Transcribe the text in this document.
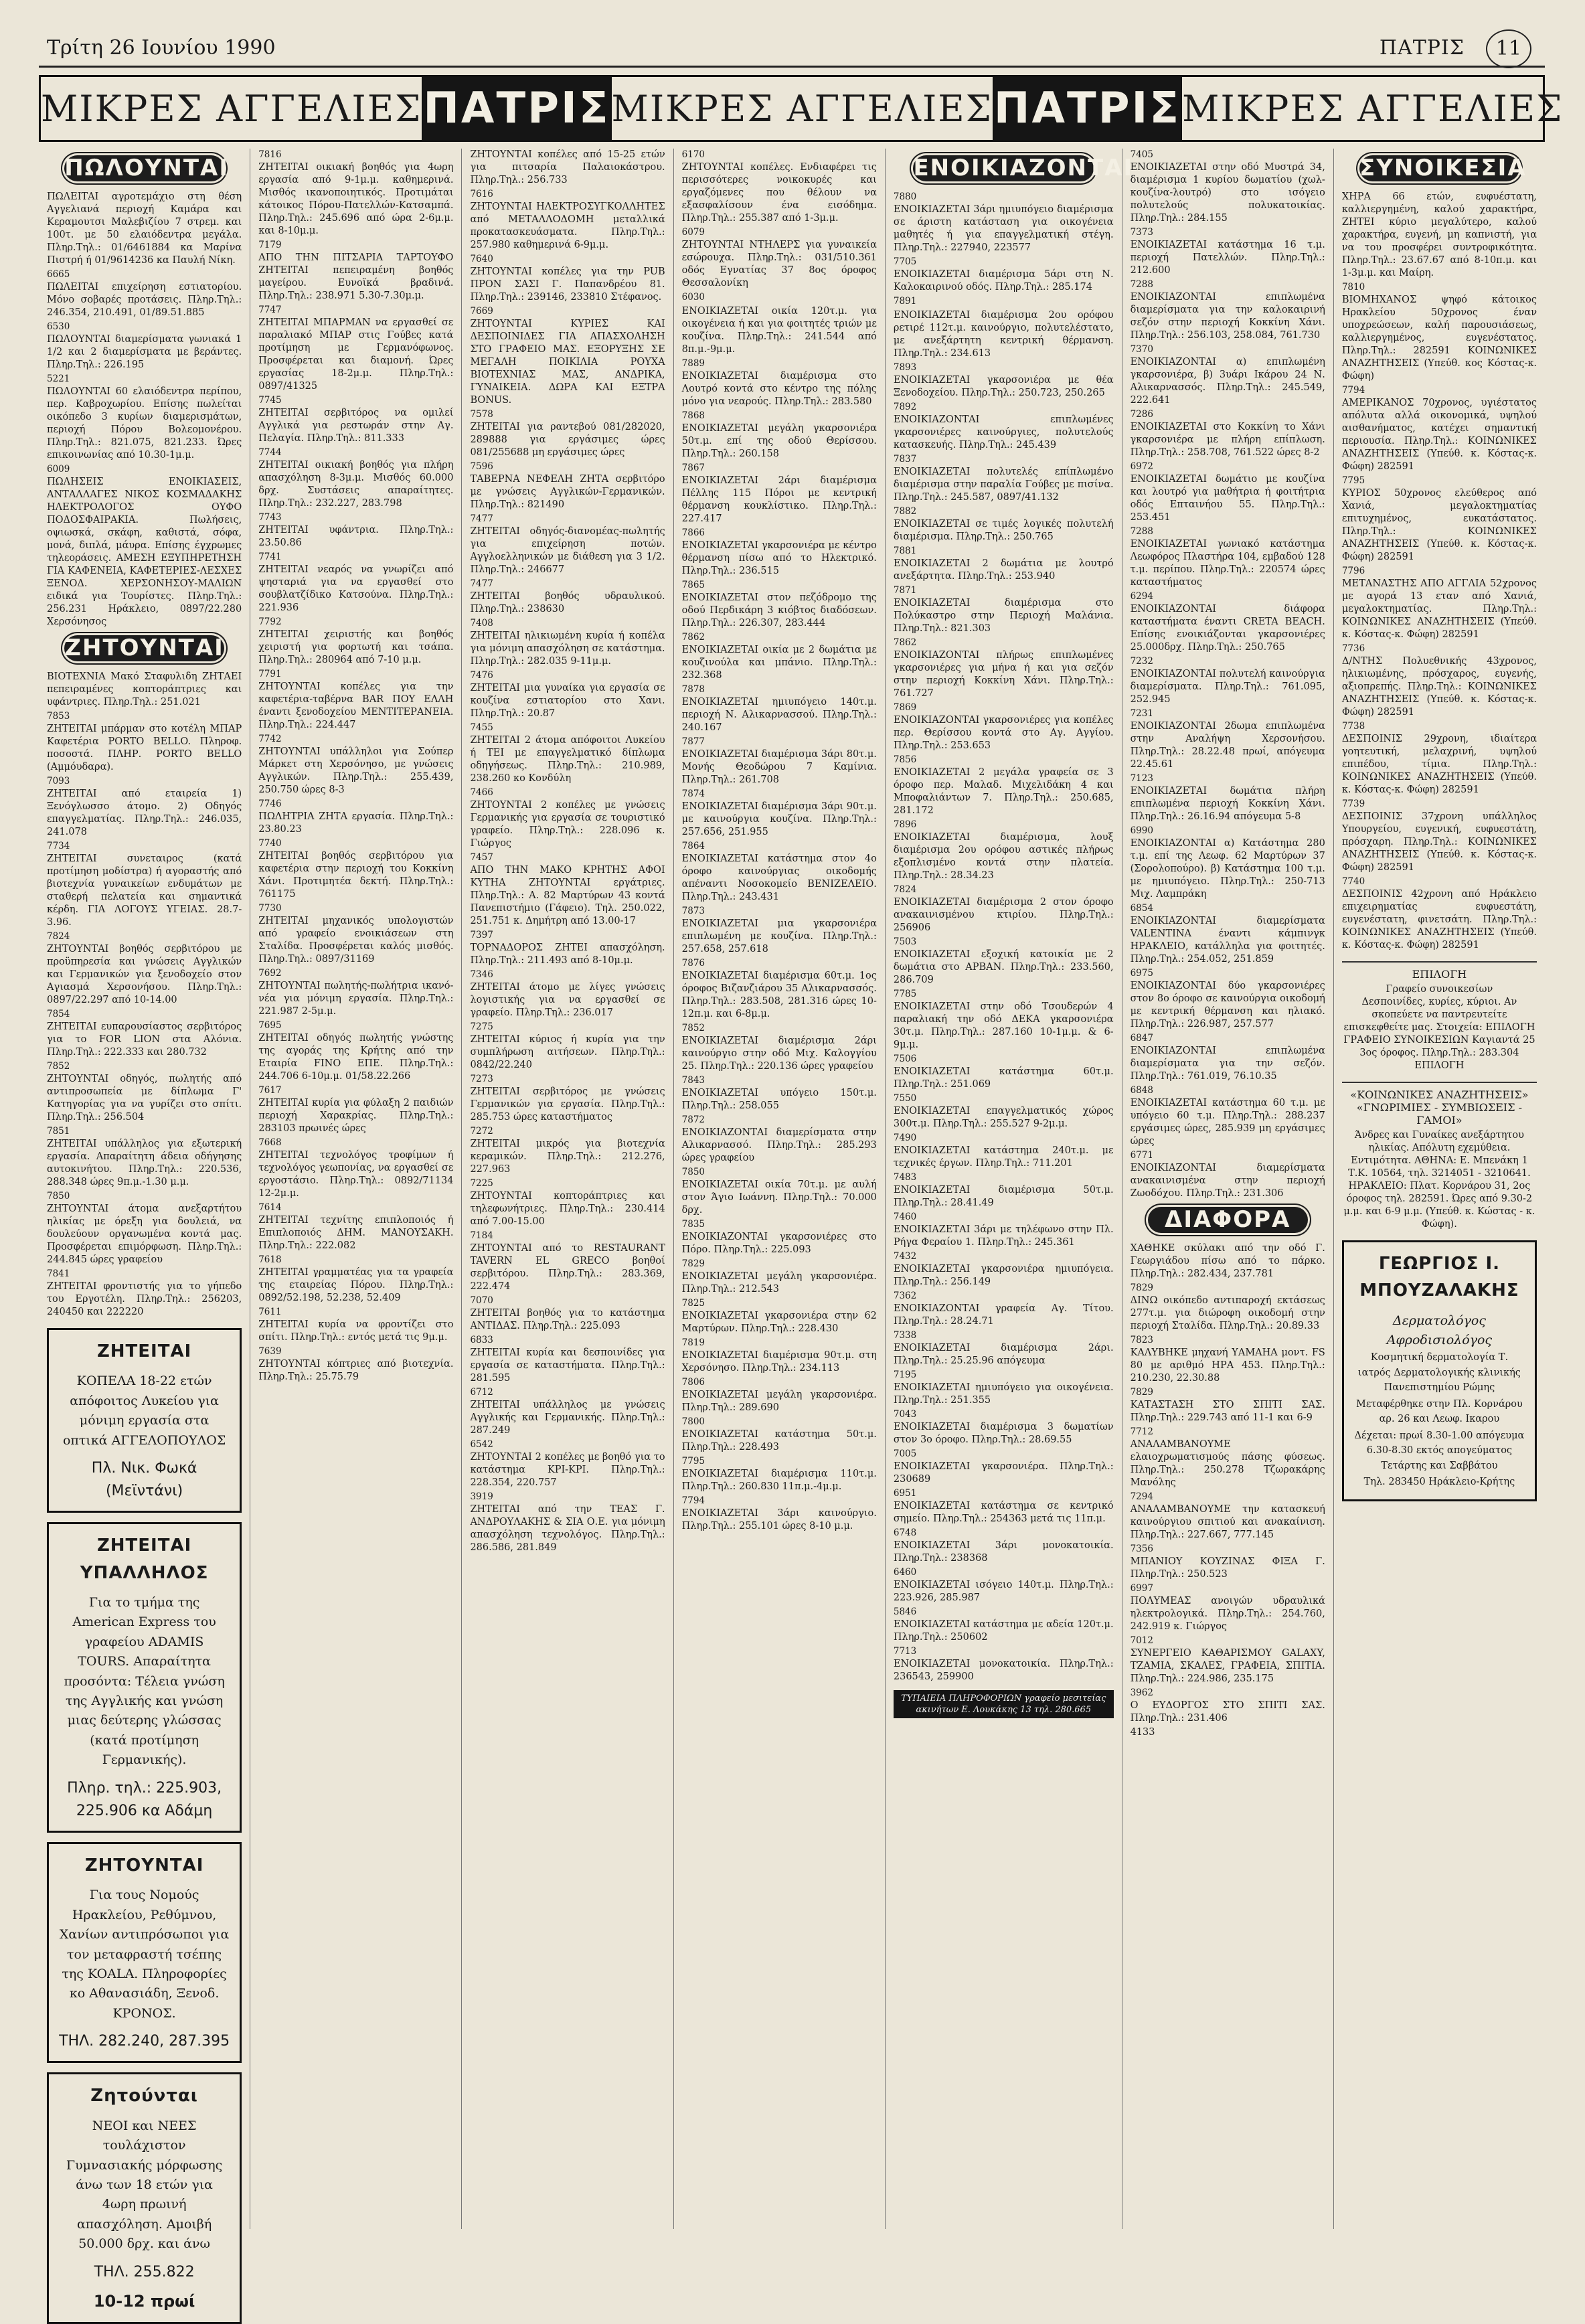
Τρίτη 26 Ιουνίου 1990	ΠΑΤΡΙΣ	11
ΜΙΚΡΕΣ ΑΓΓΕΛΙΕΣ ΠΑΤΡΙΣ ΜΙΚΡΕΣ ΑΓΓΕΛΙΕΣ ΠΑΤΡΙΣ ΜΙΚΡΕΣ ΑΓΓΕΛΙΕΣ
ΠΩΛΟΥΝΤΑΙ
ΠΩΛΕΙΤΑΙ αγροτεμάχιο στη θέση Αγγελιανά περιοχή Καμάρα και Κεραμουτσι Μαλεβιζίου 7 στρεμ. και 100τ. με 50 ελαιόδεντρα μεγάλα. Πληρ.Τηλ.: 01/6461884 κα Μαρίνα Πιστρή ή 01/9614236 κα Παυλή Νίκη.
6665
ΠΩΛΕΙΤΑΙ επιχείρηση εστιατορίου. Μόνο σοβαρές προτάσεις. Πληρ.Τηλ.: 246.354, 210.491, 01/89.51.885
6530
ΠΩΛΟΥΝΤΑΙ διαμερίσματα γωνιακά 1 1/2 και 2 διαμερίσματα με βεράντες. Πληρ.Τηλ.: 226.195
5221
ΠΩΛΟΥΝΤΑΙ 60 ελαιόδεντρα περίπου, περ. Καβροχωρίου. Επίσης πωλείται οικόπεδο 3 κυρίων διαμερισμάτων, περιοχή Πόρου Βολεομονέρου. Πληρ.Τηλ.: 821.075, 821.233. Ώρες επικοινωνίας από 10.30-1μ.μ.
6009
ΠΩΛΗΣΕΙΣ ΕΝΟΙΚΙΑΣΕΙΣ, ΑΝΤΑΛΛΑΓΕΣ ΝΙΚΟΣ ΚΟΣΜΑΔΑΚΗΣ ΗΛΕΚΤΡΟΛΟΓΟΣ ΟΥΦΟ ΠΟΔΟΣΦΑΙΡΑΚΙΑ. Πωλήσεις, οψιωσκά, σκάφη, καθιστά, σόφα, μονά, διπλά, μάυρα. Επίσης έγχρωμες τηλεοράσεις. ΑΜΕΣΗ ΕΞΥΠΗΡΕΤΗΣΗ ΓΙΑ ΚΑΦΕΝΕΙΑ, ΚΑΦΕΤΕΡΙΕΣ-ΛΕΣΧΕΣ ΞΕΝΟΔ. ΧΕΡΣΟΝΗΣΟΥ-ΜΑΛΙΩΝ ειδικά για Τουρίστες. Πληρ.Τηλ.: 256.231 Ηράκλειο, 0897/22.280 Χερσόνησος
ΖΗΤΟΥΝΤΑΙ
ΒΙΟΤΕΧΝΙΑ Μακό Σταφυλιδη ΖΗΤΑΕΙ πεπειραμένες κοπτοράπτριες και υφάντριες. Πληρ.Τηλ.: 251.021
7853
ΖΗΤΕΙΤΑΙ μπάρμαν στο κοτέλη ΜΠΑΡ Καφετέρια PORTO BELLO. Πληροφ. ποσοστά. ΠΛΗΡ. PORTO BELLO (Αμμόυδαρα).
7093
ΖΗΤΕΙΤΑΙ από εταιρεία 1) Ξενόγλωσσο άτομο. 2) Οδηγός επαγγελματίας. Πληρ.Τηλ.: 246.035, 241.078
7734
ΖΗΤΕΙΤΑΙ συνεταιρος (κατά προτίμηση μοδίστρα) ή αγοραστής από βιοτεχνία γυναικείων ενδυμάτων με σταθερή πελατεία και σημαντικά κέρδη. ΓΙΑ ΛΟΓΟΥΣ ΥΓΕΙΑΣ. 28.7-3.96.
7824
ΖΗΤΟΥΝΤΑΙ βοηθός σερβιτόρου με προϋπηρεσία και γνώσεις Αγγλικών και Γερμανικών για ξενοδοχείο στον Αγιασμά Χερσονήσου. Πληρ.Τηλ.: 0897/22.297 από 10-14.00
7854
ΖΗΤΕΙΤΑΙ ευπαρουσίαστος σερβιτόρος για το FOR LION στα Αλόνια. Πληρ.Τηλ.: 222.333 και 280.732
7852
ΖΗΤΟΥΝΤΑΙ οδηγός, πωλητής από αντιπροσωπεία με δίπλωμα Γ' Κατηγορίας για να γυρίζει στο σπίτι. Πληρ.Τηλ.: 256.504
7851
ΖΗΤΕΙΤΑΙ υπάλληλος για εξωτερική εργασία. Απαραίτητη άδεια οδήγησης αυτοκινήτου. Πληρ.Τηλ.: 220.536, 288.348 ώρες 9π.μ.-1.30 μ.μ.
7850
ΖΗΤΟΥΝΤΑΙ άτομα ανεξαρτήτου ηλικίας με όρεξη για δουλειά, να δουλεύουν οργανωμένα κοντά μας. Προσφέρεται επιμόρφωση. Πληρ.Τηλ.: 244.845 ώρες γραφείου
7841
ΖΗΤΕΙΤΑΙ φροντιστής για το γήπεδο του Εργοτέλη. Πληρ.Τηλ.: 256203, 240450 και 222220
ΖΗΤΕΙΤΑΙ
ΚΟΠΕΛΑ 18-22 ετών απόφοιτος Λυκείου για μόνιμη εργασία στα οπτικά ΑΓΓΕΛΟΠΟΥΛΟΣ
Πλ. Νικ. Φωκά (Μεϊντάνι)
ΖΗΤΕΙΤΑΙ ΥΠΑΛΛΗΛΟΣ
Για το τμήμα της American Express του γραφείου ADAMIS TOURS. Απαραίτητα προσόντα: Τέλεια γνώση της Αγγλικής και γνώση μιας δεύτερης γλώσσας (κατά προτίμηση Γερμανικής).
Πληρ. τηλ.: 225.903, 225.906 κα Αδάμη
ΖΗΤΟΥΝΤΑΙ
Για τους Νομούς Ηρακλείου, Ρεθύμνου, Χανίων αντιπρόσωποι για τον μεταφραστή τσέπης της KOALA. Πληροφορίες κο Αθανασιάδη, Ξενοδ. ΚΡΟΝΟΣ.
ΤΗΛ. 282.240, 287.395
Ζητούνται
ΝΕΟΙ και ΝΕΕΣ τουλάχιστον Γυμνασιακής μόρφωσης άνω των 18 ετών για 4ωρη πρωινή απασχόληση. Αμοιβή 50.000 δρχ. και άνω
ΤΗΛ. 255.822
10-12 πρωί
7816
ΖΗΤΕΙΤΑΙ οικιακή βοηθός για 4ωρη εργασία από 9-1μ.μ. καθημερινά. Μισθός ικανοποιητικός. Προτιμάται κάτοικος Πόρου-Πατελλών-Κατσαμπά. Πληρ.Τηλ.: 245.696 από ώρα 2-6μ.μ. και 8-10μ.μ.
7179
ΑΠΟ ΤΗΝ ΠΙΤΣΑΡΙΑ ΤΑΡΤΟΥΦΟ ΖΗΤΕΙΤΑΙ πεπειραμένη βοηθός μαγείρου. Ευνοϊκά βραδινά. Πληρ.Τηλ.: 238.971 5.30-7.30μ.μ.
7747
ΖΗΤΕΙΤΑΙ ΜΠΑΡΜΑΝ να εργασθεί σε παραλιακό ΜΠΑΡ στις Γούβες κατά προτίμηση με Γερμανόφωνος. Προσφέρεται και διαμονή. Ώρες εργασίας 18-2μ.μ. Πληρ.Τηλ.: 0897/41325
7745
ΖΗΤΕΙΤΑΙ σερβιτόρος να ομιλεί Αγγλικά για ρεστωράν στην Αγ. Πελαγία. Πληρ.Τηλ.: 811.333
7744
ΖΗΤΕΙΤΑΙ οικιακή βοηθός για πλήρη απασχόληση 8-3μ.μ. Μισθός 60.000 δρχ. Συστάσεις απαραίτητες. Πληρ.Τηλ.: 232.227, 283.798
7743
ΖΗΤΕΙΤΑΙ υφάντρια. Πληρ.Τηλ.: 23.50.86
7741
ΖΗΤΕΙΤΑΙ νεαρός να γνωρίζει από ψησταριά για να εργασθεί στο σουβλατζίδικο Κατσούνα. Πληρ.Τηλ.: 221.936
7792
ΖΗΤΕΙΤΑΙ χειριστής και βοηθός χειριστή για φορτωτή και τσάπα. Πληρ.Τηλ.: 280964 από 7-10 μ.μ.
7791
ΖΗΤΟΥΝΤΑΙ κοπέλες για την καφετέρια-ταβέρνα BAR ΠΟΥ ΕΛΛΗ έναντι ξενοδοχείου ΜΕΝΤΙΤΕΡΑΝΕΙΑ. Πληρ.Τηλ.: 224.447
7742
ΖΗΤΟΥΝΤΑΙ υπάλληλοι για Σούπερ Μάρκετ στη Χερσόνησο, με γνώσεις Αγγλικών. Πληρ.Τηλ.: 255.439, 250.750 ώρες 8-3
7746
ΠΩΛΗΤΡΙΑ ΖΗΤΑ εργασία. Πληρ.Τηλ.: 23.80.23
7740
ΖΗΤΕΙΤΑΙ βοηθός σερβιτόρου για καφετέρια στην περιοχή του Κοκκίνη Χάνι. Προτιμητέα δεκτή. Πληρ.Τηλ.: 761175
7730
ΖΗΤΕΙΤΑΙ μηχανικός υπολογιστών από γραφείο ενοικιάσεων στη Σταλίδα. Προσφέρεται καλός μισθός. Πληρ.Τηλ.: 0897/31169
7692
ΖΗΤΟΥΝΤΑΙ πωλητής-πωλήτρια ικανό-νέα για μόνιμη εργασία. Πληρ.Τηλ.: 221.987 2-5μ.μ.
7695
ΖΗΤΕΙΤΑΙ οδηγός πωλητής γνώστης της αγοράς της Κρήτης από την Εταιρία FINO ΕΠΕ. Πληρ.Τηλ.: 244.706 6-10μ.μ. 01/58.22.266
7617
ΖΗΤΕΙΤΑΙ κυρία για φύλαξη 2 παιδιών περιοχή Χαρακρίας. Πληρ.Τηλ.: 283103 πρωινές ώρες
7668
ΖΗΤΕΙΤΑΙ τεχνολόγος τροφίμων ή τεχνολόγος γεωπονίας, να εργασθεί σε εργοστάσιο. Πληρ.Τηλ.: 0892/71134 12-2μ.μ.
7614
ΖΗΤΕΙΤΑΙ τεχνίτης επιπλοποιός ή Επιπλοποιός ΔΗΜ. ΜΑΝΟΥΣΑΚΗ. Πληρ.Τηλ.: 222.082
7618
ΖΗΤΕΙΤΑΙ γραμματέας για τα γραφεία της εταιρείας Πόρου. Πληρ.Τηλ.: 0892/52.198, 52.238, 52.409
7611
ΖΗΤΕΙΤΑΙ κυρία να φροντίζει στο σπίτι. Πληρ.Τηλ.: εντός μετά τις 9μ.μ.
7639
ΖΗΤΟΥΝΤΑΙ κόπτριες από βιοτεχνία. Πληρ.Τηλ.: 25.75.79
ΖΗΤΟΥΝΤΑΙ κοπέλες από 15-25 ετών για πιτσαρία Παλαιοκάστρου. Πληρ.Τηλ.: 256.733
7616
ΖΗΤΟΥΝΤΑΙ ΗΛΕΚΤΡΟΣΥΓΚΟΛΛΗΤΕΣ από ΜΕΤΑΛΛΟΔΟΜΗ μεταλλικά προκατασκευάσματα. Πληρ.Τηλ.: 257.980 καθημερινά 6-9μ.μ.
7640
ΖΗΤΟΥΝΤΑΙ κοπέλες για την PUB ΠΡΟΝ ΣΑΣΙ Γ. Παπανδρέου 81. Πληρ.Τηλ.: 239146, 233810 Στέφανος.
7669
ΖΗΤΟΥΝΤΑΙ ΚΥΡΙΕΣ ΚΑΙ ΔΕΣΠΟΙΝΙΔΕΣ ΓΙΑ ΑΠΑΣΧΟΛΗΣΗ ΣΤΟ ΓΡΑΦΕΙΟ ΜΑΣ. ΕΞΟΡΥΞΗΣ ΣΕ ΜΕΓΑΛΗ ΠΟΙΚΙΛΙΑ ΡΟΥΧΑ ΒΙΟΤΕΧΝΙΑΣ ΜΑΣ, ΑΝΔΡΙΚΑ, ΓΥΝΑΙΚΕΙΑ. ΔΩΡΑ ΚΑΙ ΕΞΤΡΑ BONUS.
7578
ΖΗΤΕΙΤΑΙ για ραντεβού 081/282020, 289888 για εργάσιμες ώρες 081/255688 μη εργάσιμες ώρες
7596
ΤΑΒΕΡΝΑ ΝΕΦΕΛΗ ΖΗΤΑ σερβιτόρο με γνώσεις Αγγλικών-Γερμανικών. Πληρ.Τηλ.: 821490
7477
ΖΗΤΕΙΤΑΙ οδηγός-διανομέας-πωλητής για επιχείρηση ποτών. Αγγλοελληνικών με διάθεση για 3 1/2. Πληρ.Τηλ.: 246677
7477
ΖΗΤΕΙΤΑΙ βοηθός υδραυλικού. Πληρ.Τηλ.: 238630
7408
ΖΗΤΕΙΤΑΙ ηλικιωμένη κυρία ή κοπέλα για μόνιμη απασχόληση σε κατάστημα. Πληρ.Τηλ.: 282.035 9-11μ.μ.
7476
ΖΗΤΕΙΤΑΙ μια γυναίκα για εργασία σε κουζίνα εστιατορίου στο Χανι. Πληρ.Τηλ.: 20.87
7455
ΖΗΤΕΙΤΑΙ 2 άτομα απόφοιτοι Λυκείου ή ΤΕΙ με επαγγελματικό δίπλωμα οδηγήσεως. Πληρ.Τηλ.: 210.989, 238.260 κο Κονδύλη
7466
ΖΗΤΟΥΝΤΑΙ 2 κοπέλες με γνώσεις Γερμανικής για εργασία σε τουριστικό γραφείο. Πληρ.Τηλ.: 228.096 κ. Γιώργος
7457
ΑΠΟ ΤΗΝ ΜΑΚΟ ΚΡΗΤΗΣ ΑΦΟΙ ΚΥΤΗΑ ΖΗΤΟΥΝΤΑΙ εργάτριες. Πληρ.Τηλ.: Α. 82 Μαρτύρων 43 κοντά Πανεπιστήμιο (Γάφειο). Τηλ. 250.022, 251.751 κ. Δημήτρη από 13.00-17
7397
ΤΟΡΝΑΔΟΡΟΣ ΖΗΤΕΙ απασχόληση. Πληρ.Τηλ.: 211.493 από 8-10μ.μ.
7346
ΖΗΤΕΙΤΑΙ άτομο με λίγες γνώσεις λογιστικής για να εργασθεί σε γραφείο. Πληρ.Τηλ.: 236.017
7275
ΖΗΤΕΙΤΑΙ κύριος ή κυρία για την συμπλήρωση αιτήσεων. Πληρ.Τηλ.: 0842/22.240
7273
ΖΗΤΕΙΤΑΙ σερβιτόρος με γνώσεις Γερμανικών για εργασία. Πληρ.Τηλ.: 285.753 ώρες καταστήματος
7272
ΖΗΤΕΙΤΑΙ μικρός για βιοτεχνία κεραμικών. Πληρ.Τηλ.: 212.276, 227.963
7225
ΖΗΤΟΥΝΤΑΙ κοπτοράπτριες και τηλεφωνήτριες. Πληρ.Τηλ.: 230.414 από 7.00-15.00
7184
ΖΗΤΟΥΝΤΑΙ από το RESTAURANT TAVERN EL GRECO βοηθοί σερβιτόρου. Πληρ.Τηλ.: 283.369, 222.474
7070
ΖΗΤΕΙΤΑΙ βοηθός για το κατάστημα ΑΝΤΙΔΑΣ. Πληρ.Τηλ.: 225.093
6833
ΖΗΤΕΙΤΑΙ κυρία και δεσποινίδες για εργασία σε καταστήματα. Πληρ.Τηλ.: 281.595
6712
ΖΗΤΕΙΤΑΙ υπάλληλος με γνώσεις Αγγλικής και Γερμανικής. Πληρ.Τηλ.: 287.249
6542
ΖΗΤΟΥΝΤΑΙ 2 κοπέλες με βοηθό για το κατάστημα ΚΡΙ-ΚΡΙ. Πληρ.Τηλ.: 228.354, 220.757
3919
ΖΗΤΕΙΤΑΙ από την ΤΕΑΣ Γ. ΑΝΔΡΟΥΛΑΚΗΣ & ΣΙΑ Ο.Ε. για μόνιμη απασχόληση τεχνολόγος. Πληρ.Τηλ.: 286.586, 281.849
6170
ΖΗΤΟΥΝΤΑΙ κοπέλες. Ενδιαφέρει τις περισσότερες νοικοκυρές και εργαζόμενες που θέλουν να εξασφαλίσουν ένα εισόδημα. Πληρ.Τηλ.: 255.387 από 1-3μ.μ.
6079
ΖΗΤΟΥΝΤΑΙ ΝΤΗΛΕΡΣ για γυναικεία εσώρουχα. Πληρ.Τηλ.: 031/510.361 οδός Εγνατίας 37 8ος όροφος Θεσσαλονίκη
6030
ΕΝΟΙΚΙΑΖΕΤΑΙ οικία 120τ.μ. για οικογένεια ή και για φοιτητές τριών με κουζίνα. Πληρ.Τηλ.: 241.544 από 8π.μ.-9μ.μ.
7889
ΕΝΟΙΚΙΑΖΕΤΑΙ διαμέρισμα στο Λουτρό κοντά στο κέντρο της πόλης μόνο για νεαρούς. Πληρ.Τηλ.: 283.580
7868
ΕΝΟΙΚΙΑΖΕΤΑΙ μεγάλη γκαρσονιέρα 50τ.μ. επί της οδού Θερίσσου. Πληρ.Τηλ.: 260.158
7867
ΕΝΟΙΚΙΑΖΕΤΑΙ 2άρι διαμέρισμα Πέλλης 115 Πόροι με κεντρική θέρμανση κουκλίστικο. Πληρ.Τηλ.: 227.417
7866
ΕΝΟΙΚΙΑΖΕΤΑΙ γκαρσονιέρα με κέντρο θέρμανση πίσω από το Ηλεκτρικό. Πληρ.Τηλ.: 236.515
7865
ΕΝΟΙΚΙΑΖΕΤΑΙ στον πεζόδρομο της οδού Περδικάρη 3 κιόβτος διαδόσεων. Πληρ.Τηλ.: 226.307, 283.444
7862
ΕΝΟΙΚΙΑΖΕΤΑΙ οικία με 2 δωμάτια με κουζινούλα και μπάνιο. Πληρ.Τηλ.: 232.368
7878
ΕΝΟΙΚΙΑΖΕΤΑΙ ημιυπόγειο 140τ.μ. περιοχή Ν. Αλικαρνασσού. Πληρ.Τηλ.: 240.167
7877
ΕΝΟΙΚΙΑΖΕΤΑΙ διαμέρισμα 3άρι 80τ.μ. Μονής Θεοδώρου 7 Καμίνια. Πληρ.Τηλ.: 261.708
7874
ΕΝΟΙΚΙΑΖΕΤΑΙ διαμέρισμα 3άρι 90τ.μ. με καινούργια κουζίνα. Πληρ.Τηλ.: 257.656, 251.955
7864
ΕΝΟΙΚΙΑΖΕΤΑΙ κατάστημα στον 4ο όροφο καινούργιας οικοδομής απέναντι Νοσοκομείο ΒΕΝΙΖΕΛΕΙΟ. Πληρ.Τηλ.: 243.431
7873
ΕΝΟΙΚΙΑΖΕΤΑΙ μια γκαρσονιέρα επιπλωμένη με κουζίνα. Πληρ.Τηλ.: 257.658, 257.618
7876
ΕΝΟΙΚΙΑΖΕΤΑΙ διαμέρισμα 60τ.μ. 1ος όροφος Βιζανζιάρου 35 Αλικαρνασσός. Πληρ.Τηλ.: 283.508, 281.316 ώρες 10-12π.μ. και 6-8μ.μ.
7852
ΕΝΟΙΚΙΑΖΕΤΑΙ διαμέρισμα 2άρι καινούργιο στην οδό Μιχ. Καλογγίου 25. Πληρ.Τηλ.: 220.136 ώρες γραφείου
7843
ΕΝΟΙΚΙΑΖΕΤΑΙ υπόγειο 150τ.μ. Πληρ.Τηλ.: 258.055
7872
ΕΝΟΙΚΙΑΖΟΝΤΑΙ διαμερίσματα στην Αλικαρνασσό. Πληρ.Τηλ.: 285.293 ώρες γραφείου
7850
ΕΝΟΙΚΙΑΖΕΤΑΙ οικία 70τ.μ. με αυλή στον Άγιο Ιωάννη. Πληρ.Τηλ.: 70.000 δρχ.
7835
ΕΝΟΙΚΙΑΖΟΝΤΑΙ γκαρσονιέρες στο Πόρο. Πληρ.Τηλ.: 225.093
7829
ΕΝΟΙΚΙΑΖΕΤΑΙ μεγάλη γκαρσονιέρα. Πληρ.Τηλ.: 212.543
7825
ΕΝΟΙΚΙΑΖΕΤΑΙ γκαρσονιέρα στην 62 Μαρτύρων. Πληρ.Τηλ.: 228.430
7819
ΕΝΟΙΚΙΑΖΕΤΑΙ διαμέρισμα 90τ.μ. στη Χερσόνησο. Πληρ.Τηλ.: 234.113
7806
ΕΝΟΙΚΙΑΖΕΤΑΙ μεγάλη γκαρσονιέρα. Πληρ.Τηλ.: 289.690
7800
ΕΝΟΙΚΙΑΖΕΤΑΙ κατάστημα 50τ.μ. Πληρ.Τηλ.: 228.493
7795
ΕΝΟΙΚΙΑΖΕΤΑΙ διαμέρισμα 110τ.μ. Πληρ.Τηλ.: 260.830 11π.μ.-4μ.μ.
7794
ΕΝΟΙΚΙΑΖΕΤΑΙ 3άρι καινούργιο. Πληρ.Τηλ.: 255.101 ώρες 8-10 μ.μ.
ΕΝΟΙΚΙΑΖΟΝΤΑΙ
7880
ΕΝΟΙΚΙΑΖΕΤΑΙ 3άρι ημιυπόγειο διαμέρισμα σε άριστη κατάσταση για οικογένεια μαθητές ή για επαγγελματική στέγη. Πληρ.Τηλ.: 227940, 223577
7705
ΕΝΟΙΚΙΑΖΕΤΑΙ διαμέρισμα 5άρι στη Ν. Καλοκαιρινού οδός. Πληρ.Τηλ.: 285.174
7891
ΕΝΟΙΚΙΑΖΕΤΑΙ διαμέρισμα 2ου ορόφου ρετιρέ 112τ.μ. καινούργιο, πολυτελέστατο, με ανεξάρτητη κεντρική θέρμανση. Πληρ.Τηλ.: 234.613
7893
ΕΝΟΙΚΙΑΖΕΤΑΙ γκαρσονιέρα με θέα Ξενοδοχείου. Πληρ.Τηλ.: 250.723, 250.265
7892
ΕΝΟΙΚΙΑΖΟΝΤΑΙ επιπλωμένες γκαρσονιέρες καινούργιες, πολυτελούς κατασκευής. Πληρ.Τηλ.: 245.439
7837
ΕΝΟΙΚΙΑΖΕΤΑΙ πολυτελές επίπλωμένο διαμέρισμα στην παραλία Γούβες με πισίνα. Πληρ.Τηλ.: 245.587, 0897/41.132
7882
ΕΝΟΙΚΙΑΖΕΤΑΙ σε τιμές λογικές πολυτελή διαμέρισμα. Πληρ.Τηλ.: 250.765
7881
ΕΝΟΙΚΙΑΖΕΤΑΙ 2 δωμάτια με λουτρό ανεξάρτητα. Πληρ.Τηλ.: 253.940
7871
ΕΝΟΙΚΙΑΖΕΤΑΙ διαμέρισμα στο Πολύκαστρο στην Περιοχή Μαλάνια. Πληρ.Τηλ.: 821.303
7862
ΕΝΟΙΚΙΑΖΟΝΤΑΙ πλήρως επιπλωμένες γκαρσονιέρες για μήνα ή και για σεζόν στην περιοχή Κοκκίνη Χάνι. Πληρ.Τηλ.: 761.727
7869
ΕΝΟΙΚΙΑΖΟΝΤΑΙ γκαρσονιέρες για κοπέλες περ. Θερίσσου κοντά στο Αγ. Αγγίου. Πληρ.Τηλ.: 253.653
7856
ΕΝΟΙΚΙΑΖΕΤΑΙ 2 μεγάλα γραφεία σε 3 όροφο περ. Μαλαδ. Μιχελιδάκη 4 και Μποφαλιάντων 7. Πληρ.Τηλ.: 250.685, 281.172
7896
ΕΝΟΙΚΙΑΖΕΤΑΙ διαμέρισμα, λουξ διαμέρισμα 2ου ορόφου αστικές πλήρως εξοπλισμένο κοντά στην πλατεία. Πληρ.Τηλ.: 28.34.23
7824
ΕΝΟΙΚΙΑΖΕΤΑΙ διαμέρισμα 2 στον όροφο ανακαινισμένου κτιρίου. Πληρ.Τηλ.: 256906
7503
ΕΝΟΙΚΙΑΖΕΤΑΙ εξοχική κατοικία με 2 δωμάτια στο ΑΡΒΑΝ. Πληρ.Τηλ.: 233.560, 286.709
7785
ΕΝΟΙΚΙΑΖΕΤΑΙ στην οδό Τσουδερών 4 παραλιακή την οδό ΔΕΚΑ γκαρσονιέρα 30τ.μ. Πληρ.Τηλ.: 287.160 10-1μ.μ. & 6-9μ.μ.
7506
ΕΝΟΙΚΙΑΖΕΤΑΙ κατάστημα 60τ.μ. Πληρ.Τηλ.: 251.069
7550
ΕΝΟΙΚΙΑΖΕΤΑΙ επαγγελματικός χώρος 300τ.μ. Πληρ.Τηλ.: 255.527 9-2μ.μ.
7490
ΕΝΟΙΚΙΑΖΕΤΑΙ κατάστημα 240τ.μ. με τεχνικές έργων. Πληρ.Τηλ.: 711.201
7483
ΕΝΟΙΚΙΑΖΕΤΑΙ διαμέρισμα 50τ.μ. Πληρ.Τηλ.: 28.41.49
7460
ΕΝΟΙΚΙΑΖΕΤΑΙ 3άρι με τηλέφωνο στην Πλ. Ρήγα Φεραίου 1. Πληρ.Τηλ.: 245.361
7432
ΕΝΟΙΚΙΑΖΕΤΑΙ γκαρσονιέρα ημιυπόγεια. Πληρ.Τηλ.: 256.149
7362
ΕΝΟΙΚΙΑΖΟΝΤΑΙ γραφεία Αγ. Τίτου. Πληρ.Τηλ.: 28.24.71
7338
ΕΝΟΙΚΙΑΖΕΤΑΙ διαμέρισμα 2άρι. Πληρ.Τηλ.: 25.25.96 απόγευμα
7195
ΕΝΟΙΚΙΑΖΕΤΑΙ ημιυπόγειο για οικογένεια. Πληρ.Τηλ.: 251.355
7043
ΕΝΟΙΚΙΑΖΕΤΑΙ διαμέρισμα 3 δωματίων στον 3ο όροφο. Πληρ.Τηλ.: 28.69.55
7005
ΕΝΟΙΚΙΑΖΕΤΑΙ γκαρσονιέρα. Πληρ.Τηλ.: 230689
6951
ΕΝΟΙΚΙΑΖΕΤΑΙ κατάστημα σε κεντρικό σημείο. Πληρ.Τηλ.: 254363 μετά τις 11π.μ.
6748
ΕΝΟΙΚΙΑΖΕΤΑΙ 3άρι μονοκατοικία. Πληρ.Τηλ.: 238368
6460
ΕΝΟΙΚΙΑΖΕΤΑΙ ισόγειο 140τ.μ. Πληρ.Τηλ.: 223.926, 285.987
5846
ΕΝΟΙΚΙΑΖΕΤΑΙ κατάστημα με αδεία 120τ.μ. Πληρ.Τηλ.: 250602
7713
ΕΝΟΙΚΙΑΖΕΤΑΙ μονοκατοικία. Πληρ.Τηλ.: 236543, 259900
ΤΥΠΑΙΕΙΑ ΠΛΗΡΟΦΟΡΙΩΝ γραφείο μεσιτείας ακινήτων Ε. Λουκάκης 13 τηλ. 280.665
7405
ΕΝΟΙΚΙΑΖΕΤΑΙ στην οδό Μυστρά 34, διαμέρισμα 1 κυρίου δωματίου (χωλ-κουζίνα-λουτρό) στο ισόγειο πολυτελούς πολυκατοικίας. Πληρ.Τηλ.: 284.155
7373
ΕΝΟΙΚΙΑΖΕΤΑΙ κατάστημα 16 τ.μ. περιοχή Πατελλών. Πληρ.Τηλ.: 212.600
7288
ΕΝΟΙΚΙΑΖΟΝΤΑΙ επιπλωμένα διαμερίσματα για την καλοκαιρινή σεζόν στην περιοχή Κοκκίνη Χάνι. Πληρ.Τηλ.: 256.103, 258.084, 761.730
7370
ΕΝΟΙΚΙΑΖΟΝΤΑΙ α) επιπλωμένη γκαρσονιέρα, β) 3υάρι Ικάρου 24 Ν. Αλικαρνασσός. Πληρ.Τηλ.: 245.549, 222.641
7286
ΕΝΟΙΚΙΑΖΕΤΑΙ στο Κοκκίνη το Χάνι γκαρσονιέρα με πλήρη επίπλωση. Πληρ.Τηλ.: 258.708, 761.522 ώρες 8-2
6972
ΕΝΟΙΚΙΑΖΕΤΑΙ δωμάτιο με κουζίνα και λουτρό για μαθήτρια ή φοιτήτρια οδός Επταινήου 55. Πληρ.Τηλ.: 253.451
7288
ΕΝΟΙΚΙΑΖΕΤΑΙ γωνιακό κατάστημα Λεωφόρος Πλαστήρα 104, εμβαδού 128 τ.μ. περίπου. Πληρ.Τηλ.: 220574 ώρες καταστήματος
6294
ΕΝΟΙΚΙΑΖΟΝΤΑΙ διάφορα καταστήματα έναντι CRETA BEACH. Επίσης ενοικιάζονται γκαρσονιέρες 25.000δρχ. Πληρ.Τηλ.: 250.765
7232
ΕΝΟΙΚΙΑΖΟΝΤΑΙ πολυτελή καινούργια διαμερίσματα. Πληρ.Τηλ.: 761.095, 252.945
7231
ΕΝΟΙΚΙΑΖΟΝΤΑΙ 2δωμα επιπλωμένα στην Αναλήψη Χερσονήσου. Πληρ.Τηλ.: 28.22.48 πρωί, απόγευμα 22.45.61
7123
ΕΝΟΙΚΙΑΖΕΤΑΙ δωμάτια πλήρη επιπλωμένα περιοχή Κοκκίνη Χάνι. Πληρ.Τηλ.: 26.16.94 απόγευμα 5-8
6990
ΕΝΟΙΚΙΑΖΟΝΤΑΙ α) Κατάστημα 280 τ.μ. επί της Λεωφ. 62 Μαρτύρων 37 (Σορολοπούρο). β) Κατάστημα 100 τ.μ. με ημιυπόγειο. Πληρ.Τηλ.: 250-713 Μιχ. Λαμπράκη
6854
ΕΝΟΙΚΙΑΖΟΝΤΑΙ διαμερίσματα VALENTINA έναντι κάμπινγκ ΗΡΑΚΛΕΙΟ, κατάλληλα για φοιτητές. Πληρ.Τηλ.: 254.052, 251.859
6975
ΕΝΟΙΚΙΑΖΟΝΤΑΙ δύο γκαρσονιέρες στον 8ο όροφο σε καινούργια οικοδομή με κεντρική θέρμανση και ηλιακό. Πληρ.Τηλ.: 226.987, 257.577
6847
ΕΝΟΙΚΙΑΖΟΝΤΑΙ επιπλωμένα διαμερίσματα για την σεζόν. Πληρ.Τηλ.: 761.019, 76.10.35
6848
ΕΝΟΙΚΙΑΖΕΤΑΙ κατάστημα 60 τ.μ. με υπόγειο 60 τ.μ. Πληρ.Τηλ.: 288.237 εργάσιμες ώρες, 285.939 μη εργάσιμες ώρες
6771
ΕΝΟΙΚΙΑΖΟΝΤΑΙ διαμερίσματα ανακαινισμένα στην περιοχή Ζωοδόχου. Πληρ.Τηλ.: 231.306
ΔΙΑΦΟΡΑ
ΧΑΘΗΚΕ σκύλακι από την οδό Γ. Γεωργιάδου πίσω από το πάρκο. Πληρ.Τηλ.: 282.434, 237.781
7829
ΔΙΝΩ οικόπεδο αντιπαροχή εκτάσεως 277τ.μ. για διώροφη οικοδομή στην περιοχή Σταλίδα. Πληρ.Τηλ.: 20.89.33
7823
ΚΑΛΥΒΗΚΕ μηχανή ΥΑΜΑΗΑ μοντ. FS 80 με αριθμό ΗΡΑ 453. Πληρ.Τηλ.: 210.230, 22.30.88
7829
ΚΑΤΑΣΤΑΣΗ ΣΤΟ ΣΠΙΤΙ ΣΑΣ. Πληρ.Τηλ.: 229.743 από 11-1 και 6-9
7712
ΑΝΑΛΑΜΒΑΝΟΥΜΕ ελαιοχρωματισμούς πάσης φύσεως. Πληρ.Τηλ.: 250.278 Τζωρακάρης Μανόλης
7294
ΑΝΑΛΑΜΒΑΝΟΥΜΕ την κατασκευή καινούργιου σπιτιού και ανακαίνιση. Πληρ.Τηλ.: 227.667, 777.145
7356
ΜΠΑΝΙΟΥ ΚΟΥΖΙΝΑΣ ΦΙΞΑ Γ. Πληρ.Τηλ.: 250.523
6997
ΠΟΛΥΜΕΑΣ ανοιγών υδραυλικά ηλεκτρολογικά. Πληρ.Τηλ.: 254.760, 242.919 κ. Γιώργος
7012
ΣΥΝΕΡΓΕΙΟ ΚΑΘΑΡΙΣΜΟΥ GALAXY, ΤΖΑΜΙΑ, ΣΚΑΛΕΣ, ΓΡΑΦΕΙΑ, ΣΠΙΤΙΑ. Πληρ.Τηλ.: 224.986, 235.175
3962
Ο ΕΥΔΟΡΓΟΣ ΣΤΟ ΣΠΙΤΙ ΣΑΣ. Πληρ.Τηλ.: 231.406
4133
ΣΥΝΟΙΚΕΣΙΑ
ΧΗΡΑ 66 ετών, ευφυέστατη, καλλιεργημένη, καλού χαρακτήρα, ΖΗΤΕΙ κύριο μεγαλύτερο, καλού χαρακτήρα, ευγενή, μη καπνιστή, για να του προσφέρει συντροφικότητα. Πληρ.Τηλ.: 23.67.67 από 8-10π.μ. και 1-3μ.μ. και Μαίρη.
7810
ΒΙΟΜΗΧΑΝΟΣ ψηφό κάτοικος Ηρακλείου 50χρονος έναν υποχρεώσεων, καλή παρουσιάσεως, καλλιεργημένος, ευγενέστατος. Πληρ.Τηλ.: 282591 ΚΟΙΝΩΝΙΚΕΣ ΑΝΑΖΗΤΗΣΕΙΣ (Υπεύθ. κος Κόστας-κ. Φώφη)
7794
ΑΜΕΡΙΚΑΝΟΣ 70χρονος, υγιέστατος απόλυτα αλλά οικονομικά, υψηλού αισθανήματος, κατέχει σημαντική περιουσία. Πληρ.Τηλ.: ΚΟΙΝΩΝΙΚΕΣ ΑΝΑΖΗΤΗΣΕΙΣ (Υπεύθ. κ. Κόστας-κ. Φώφη) 282591
7795
ΚΥΡΙΟΣ 50χρονος ελεύθερος από Χανιά, μεγαλοκτηματίας επιτυχημένος, ευκατάστατος. Πληρ.Τηλ.: ΚΟΙΝΩΝΙΚΕΣ ΑΝΑΖΗΤΗΣΕΙΣ (Υπεύθ. κ. Κόστας-κ. Φώφη) 282591
7796
ΜΕΤΑΝΑΣΤΗΣ ΑΠΟ ΑΓΓΛΙΑ 52χρονος με αγορά 13 εταν από Χανιά, μεγαλοκτηματίας. Πληρ.Τηλ.: ΚΟΙΝΩΝΙΚΕΣ ΑΝΑΖΗΤΗΣΕΙΣ (Υπεύθ. κ. Κόστας-κ. Φώφη) 282591
7736
Δ/ΝΤΗΣ Πολυεθνικής 43χρονος, ηλικιωμένης, πρόσχαρος, ευγενής, αξιοπρεπής. Πληρ.Τηλ.: ΚΟΙΝΩΝΙΚΕΣ ΑΝΑΖΗΤΗΣΕΙΣ (Υπεύθ. κ. Κόστας-κ. Φώφη) 282591
7738
ΔΕΣΠΟΙΝΙΣ 29χρονη, ιδιαίτερα γοητευτική, μελαχρινή, υψηλού επιπέδου, τίμια. Πληρ.Τηλ.: ΚΟΙΝΩΝΙΚΕΣ ΑΝΑΖΗΤΗΣΕΙΣ (Υπεύθ. κ. Κόστας-κ. Φώφη) 282591
7739
ΔΕΣΠΟΙΝΙΣ 37χρονη υπάλληλος Υπουργείου, ευγενική, ευφυεστάτη, πρόσχαρη. Πληρ.Τηλ.: ΚΟΙΝΩΝΙΚΕΣ ΑΝΑΖΗΤΗΣΕΙΣ (Υπεύθ. κ. Κόστας-κ. Φώφη) 282591
7740
ΔΕΣΠΟΙΝΙΣ 42χρονη από Ηράκλειο επιχειρηματίας ευφυεστάτη, ευγενέστατη, φινετσάτη. Πληρ.Τηλ.: ΚΟΙΝΩΝΙΚΕΣ ΑΝΑΖΗΤΗΣΕΙΣ (Υπεύθ. κ. Κόστας-κ. Φώφη) 282591
ΕΠΙΛΟΓΗ
Γραφείο συνοικεσίων
Δεσποινίδες, κυρίες, κύριοι. Αν σκοπεύετε να παντρευτείτε επισκεφθείτε μας. Στοιχεία: ΕΠΙΛΟΓΗ ΓΡΑΦΕΙΟ ΣΥΝΟΙΚΕΣΙΩΝ Καγιαντά 25 3ος όροφος. Πληρ.Τηλ.: 283.304 ΕΠΙΛΟΓΗ
«ΚΟΙΝΩΝΙΚΕΣ ΑΝΑΖΗΤΗΣΕΙΣ» «ΓΝΩΡΙΜΙΕΣ - ΣΥΜΒΙΩΣΕΙΣ - ΓΑΜΟΙ»
Άνδρες και Γυναίκες ανεξάρτητου ηλικίας. Απόλυτη εχεμύθεια. Εντιμότητα. ΑΘΗΝΑ: Ε. Μπενάκη 1 Τ.Κ. 10564, τηλ. 3214051 - 3210641. ΗΡΑΚΛΕΙΟ: Πλατ. Κορνάρου 31, 2ος όροφος τηλ. 282591. Ώρες από 9.30-2 μ.μ. και 6-9 μ.μ. (Υπεύθ. κ. Κώστας - κ. Φώφη).
ΓΕΩΡΓΙΟΣ Ι. ΜΠΟΥΖΑΛΑΚΗΣ
Δερματολόγος Αφροδισιολόγος
Κοσμητική δερματολογία Τ. ιατρός Δερματολογικής κλινικής Πανεπιστημίου Ρώμης
Μεταφέρθηκε στην Πλ. Κορνάρου αρ. 26 και Λεωφ. Ικαρου
Δέχεται: πρωί 8.30-1.00 απόγευμα 6.30-8.30 εκτός απογεύματος Τετάρτης και Σαββάτου
Τηλ. 283450 Ηράκλειο-Κρήτης
